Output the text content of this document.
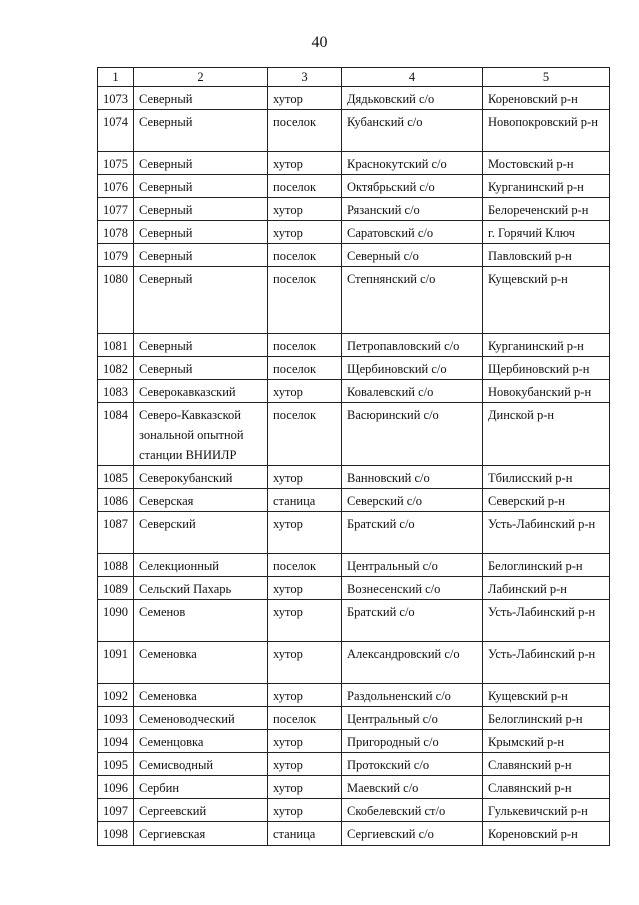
40
1	2	3	4	5
1073	Северный	хутор	Дядьковский с/о	Кореновский р-н
1074	Северный	поселок	Кубанский с/о	Новопокровский р-н
1075	Северный	хутор	Краснокутский с/о	Мостовский р-н
1076	Северный	поселок	Октябрьский с/о	Курганинский р-н
1077	Северный	хутор	Рязанский с/о	Белореченский р-н
1078	Северный	хутор	Саратовский с/о	г. Горячий Ключ
1079	Северный	поселок	Северный с/о	Павловский р-н
1080	Северный	поселок	Степнянский с/о	Кущевский р-н
1081	Северный	поселок	Петропавловский с/о	Курганинский р-н
1082	Северный	поселок	Щербиновский с/о	Щербиновский р-н
1083	Северокавказский	хутор	Ковалевский с/о	Новокубанский р-н
1084	Северо-Кавказской зональной опытной станции ВНИИЛР	поселок	Васюринский с/о	Динской р-н
1085	Северокубанский	хутор	Ванновский с/о	Тбилисский р-н
1086	Северская	станица	Северский с/о	Северский р-н
1087	Северский	хутор	Братский с/о	Усть-Лабинский р-н
1088	Селекционный	поселок	Центральный с/о	Белоглинский р-н
1089	Сельский Пахарь	хутор	Вознесенский с/о	Лабинский р-н
1090	Семенов	хутор	Братский с/о	Усть-Лабинский р-н
1091	Семеновка	хутор	Александровский с/о	Усть-Лабинский р-н
1092	Семеновка	хутор	Раздольненский с/о	Кущевский р-н
1093	Семеноводческий	поселок	Центральный с/о	Белоглинский р-н
1094	Семенцовка	хутор	Пригородный с/о	Крымский р-н
1095	Семисводный	хутор	Протокский с/о	Славянский р-н
1096	Сербин	хутор	Маевский с/о	Славянский р-н
1097	Сергеевский	хутор	Скобелевский ст/о	Гулькевичский р-н
1098	Сергиевская	станица	Сергиевский с/о	Кореновский р-н
